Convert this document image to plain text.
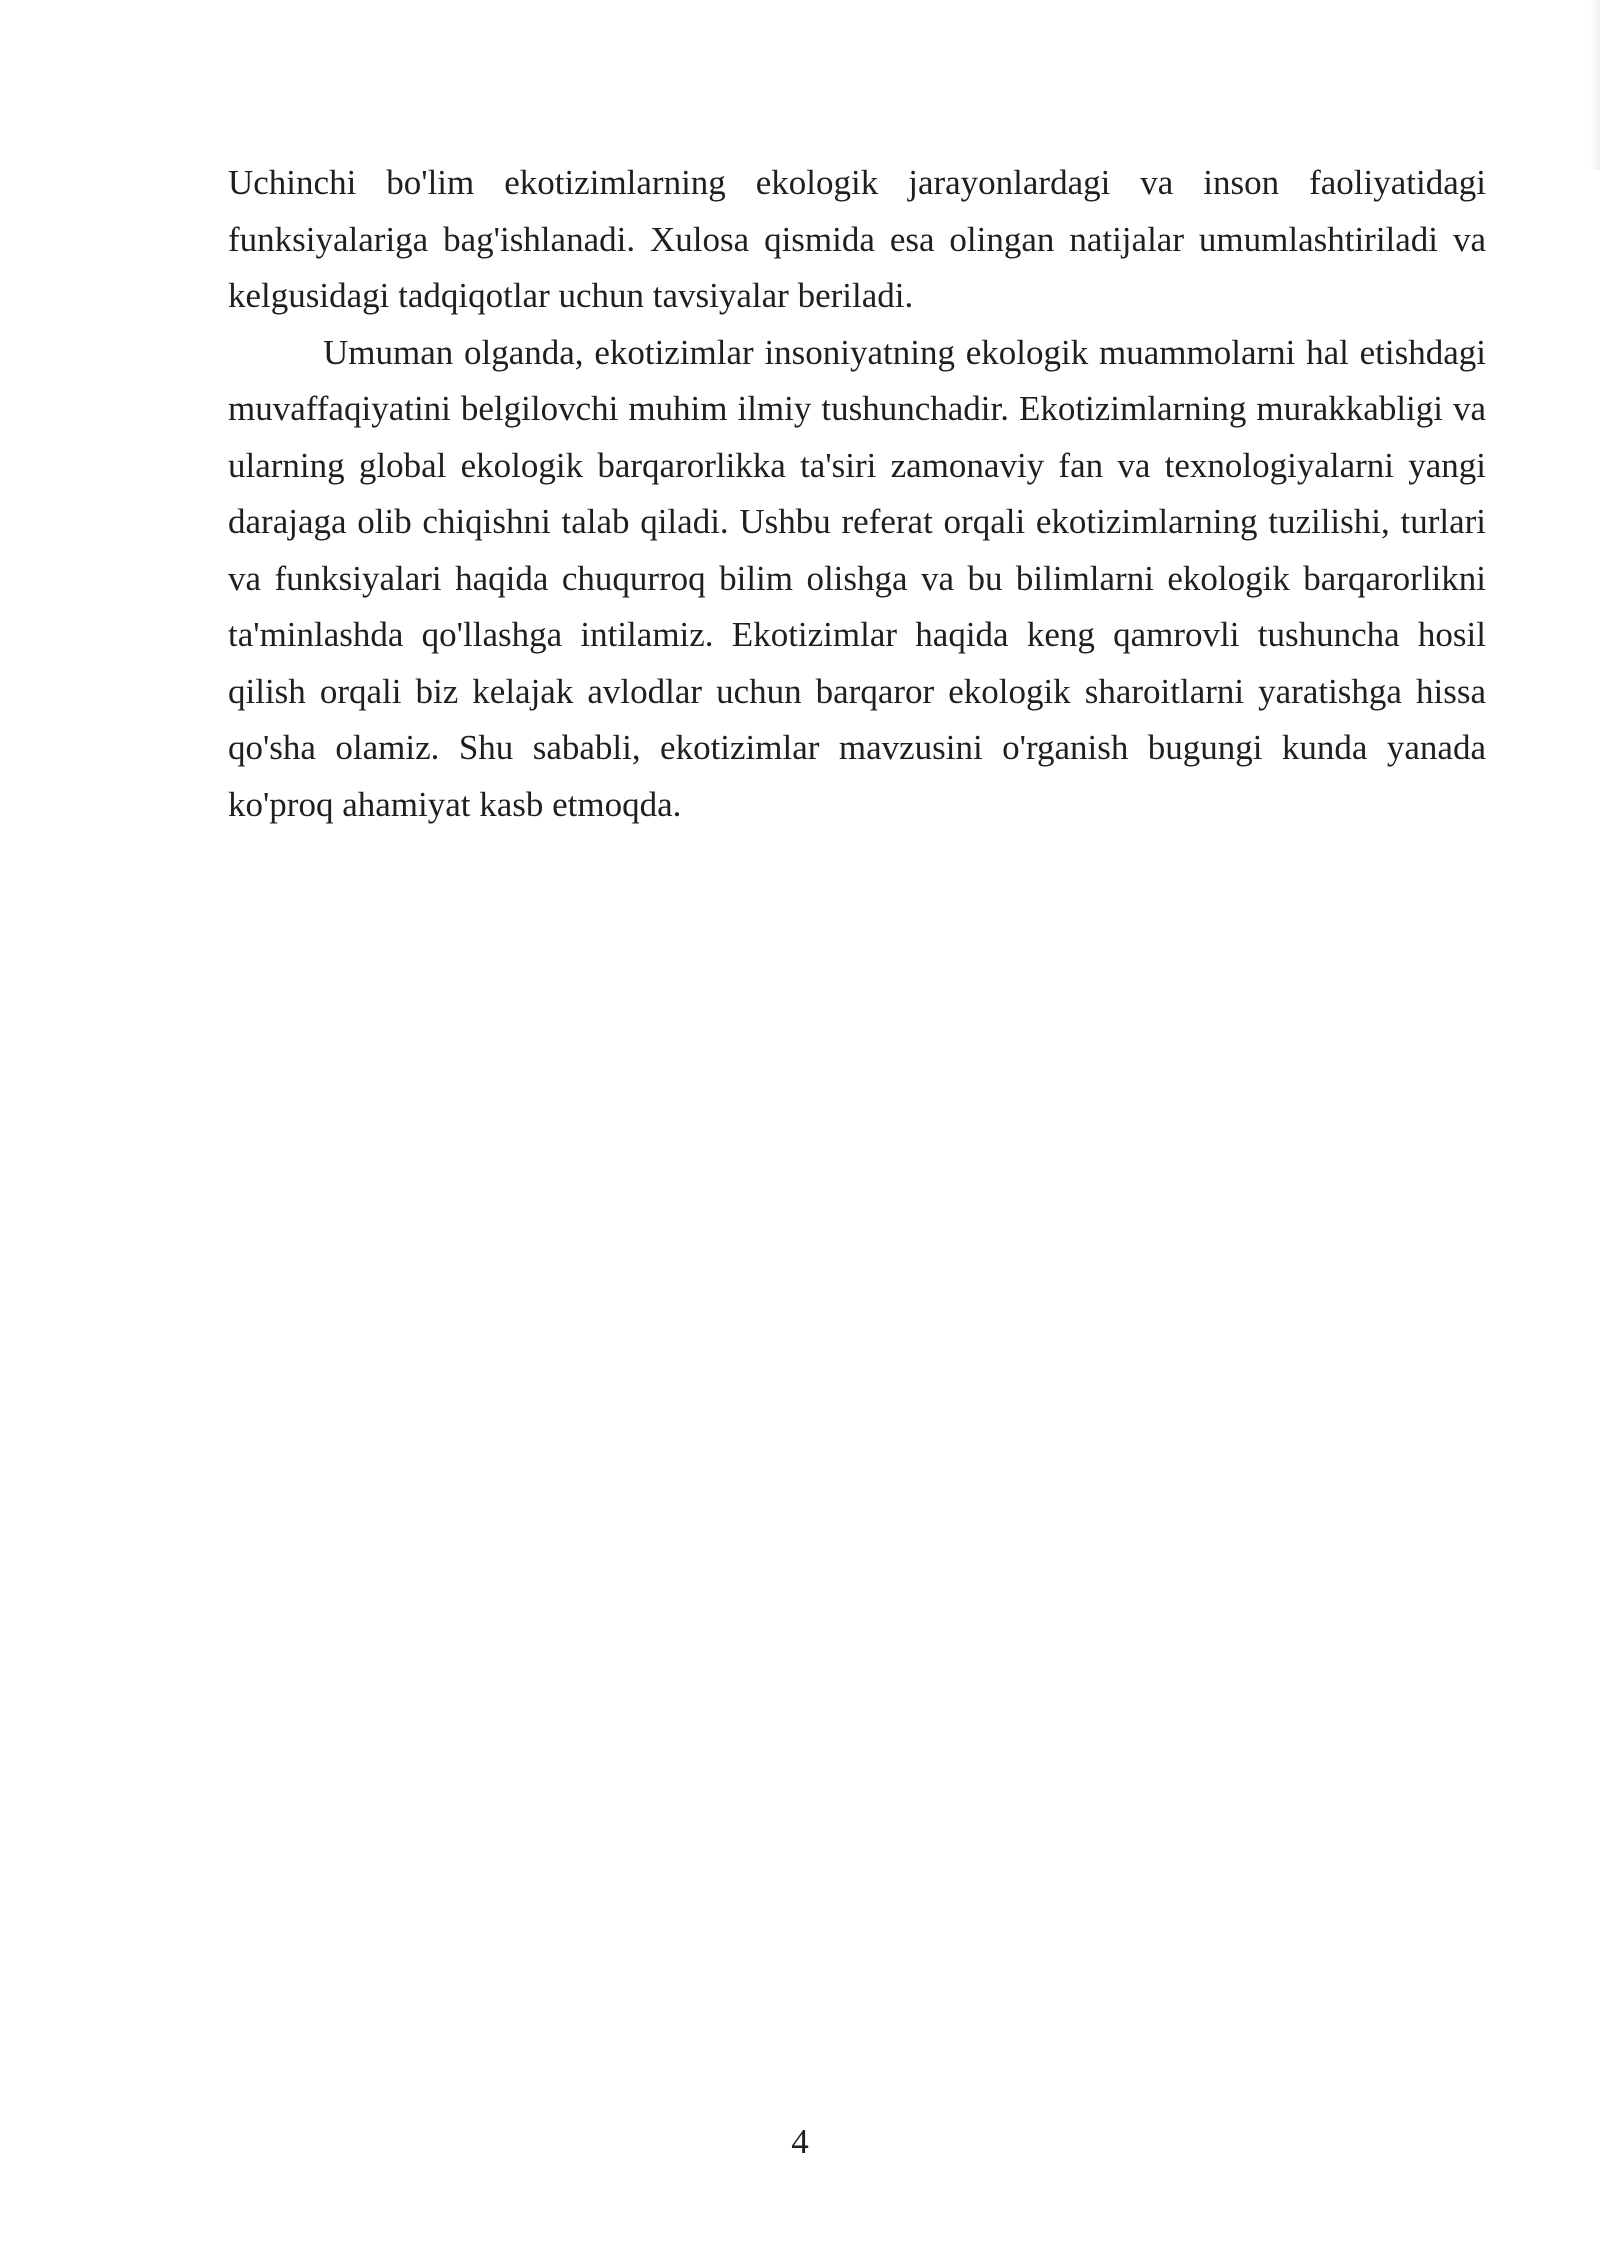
Uchinchi bo'lim ekotizimlarning ekologik jarayonlardagi va inson faoliyatidagi funksiyalariga bag'ishlanadi. Xulosa qismida esa olingan natijalar umumlashtiriladi va kelgusidagi tadqiqotlar uchun tavsiyalar beriladi.

Umuman olganda, ekotizimlar insoniyatning ekologik muammolarni hal etishdagi muvaffaqiyatini belgilovchi muhim ilmiy tushunchadir. Ekotizimlarning murakkabligi va ularning global ekologik barqarorlikka ta'siri zamonaviy fan va texnologiyalarni yangi darajaga olib chiqishni talab qiladi. Ushbu referat orqali ekotizimlarning tuzilishi, turlari va funksiyalari haqida chuqurroq bilim olishga va bu bilimlarni ekologik barqarorlikni ta'minlashda qo'llashga intilamiz. Ekotizimlar haqida keng qamrovli tushuncha hosil qilish orqali biz kelajak avlodlar uchun barqaror ekologik sharoitlarni yaratishga hissa qo'sha olamiz. Shu sababli, ekotizimlar mavzusini o'rganish bugungi kunda yanada ko'proq ahamiyat kasb etmoqda.

4
